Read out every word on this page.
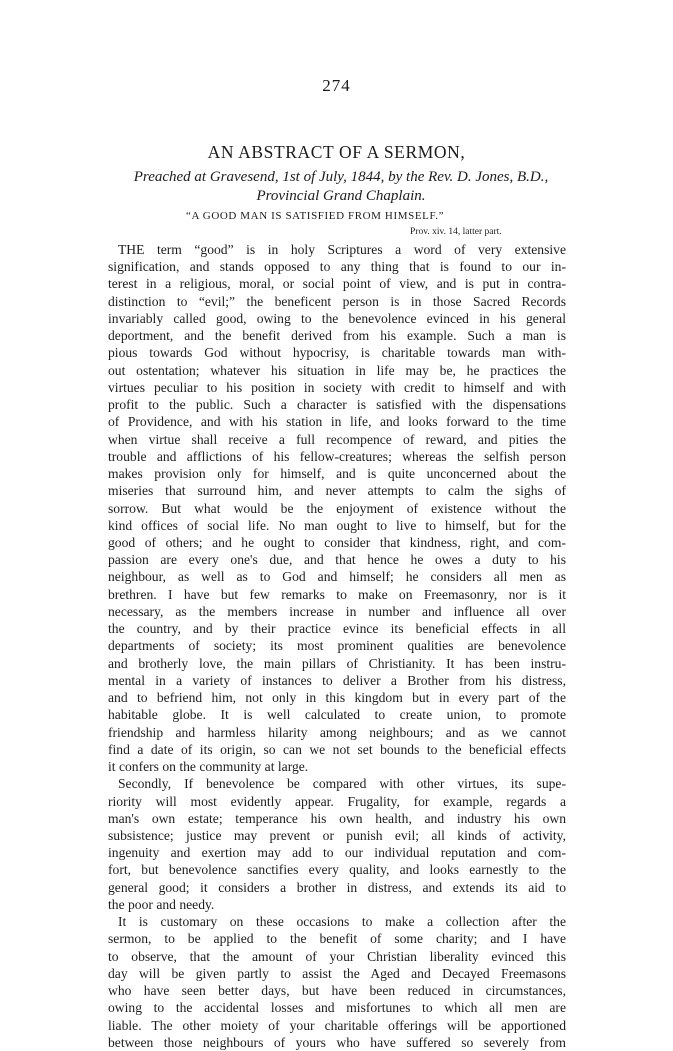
274
AN ABSTRACT OF A SERMON,
Preached at Gravesend, 1st of July, 1844, by the Rev. D. Jones, B.D.,
Provincial Grand Chaplain.
“A GOOD MAN IS SATISFIED FROM HIMSELF.”
Prov. xiv. 14, latter part.
THE term “good” is in holy Scriptures a word of very extensive
signification, and stands opposed to any thing that is found to our in-
terest in a religious, moral, or social point of view, and is put in contra-
distinction to “evil;” the beneficent person is in those Sacred Records
invariably called good, owing to the benevolence evinced in his general
deportment, and the benefit derived from his example. Such a man is
pious towards God without hypocrisy, is charitable towards man with-
out ostentation; whatever his situation in life may be, he practices the
virtues peculiar to his position in society with credit to himself and with
profit to the public. Such a character is satisfied with the dispensations
of Providence, and with his station in life, and looks forward to the time
when virtue shall receive a full recompence of reward, and pities the
trouble and afflictions of his fellow-creatures; whereas the selfish person
makes provision only for himself, and is quite unconcerned about the
miseries that surround him, and never attempts to calm the sighs of
sorrow. But what would be the enjoyment of existence without the
kind offices of social life. No man ought to live to himself, but for the
good of others; and he ought to consider that kindness, right, and com-
passion are every one's due, and that hence he owes a duty to his
neighbour, as well as to God and himself; he considers all men as
brethren. I have but few remarks to make on Freemasonry, nor is it
necessary, as the members increase in number and influence all over
the country, and by their practice evince its beneficial effects in all
departments of society; its most prominent qualities are benevolence
and brotherly love, the main pillars of Christianity. It has been instru-
mental in a variety of instances to deliver a Brother from his distress,
and to befriend him, not only in this kingdom but in every part of the
habitable globe. It is well calculated to create union, to promote
friendship and harmless hilarity among neighbours; and as we cannot
find a date of its origin, so can we not set bounds to the beneficial effects
it confers on the community at large.
Secondly, If benevolence be compared with other virtues, its supe-
riority will most evidently appear. Frugality, for example, regards a
man's own estate; temperance his own health, and industry his own
subsistence; justice may prevent or punish evil; all kinds of activity,
ingenuity and exertion may add to our individual reputation and com-
fort, but benevolence sanctifies every quality, and looks earnestly to the
general good; it considers a brother in distress, and extends its aid to
the poor and needy.
It is customary on these occasions to make a collection after the
sermon, to be applied to the benefit of some charity; and I have
to observe, that the amount of your Christian liberality evinced this
day will be given partly to assist the Aged and Decayed Freemasons
who have seen better days, but have been reduced in circumstances,
owing to the accidental losses and misfortunes to which all men are
liable. The other moiety of your charitable offerings will be apportioned
between those neighbours of yours who have suffered so severely from
